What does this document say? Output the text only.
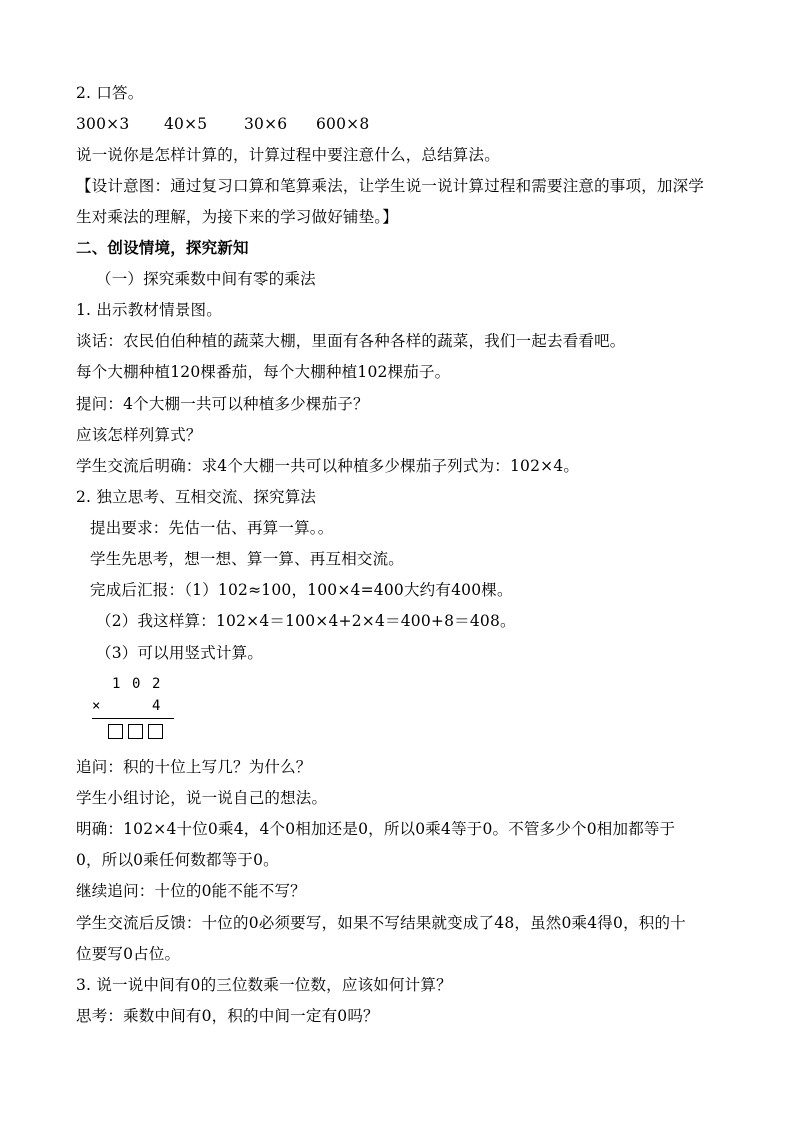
2. 口答。
300×3 40×5 30×6 600×8
说一说你是怎样计算的，计算过程中要注意什么，总结算法。
【设计意图：通过复习口算和笔算乘法，让学生说一说计算过程和需要注意的事项，加深学
生对乘法的理解，为接下来的学习做好铺垫。】
二、创设情境，探究新知
（一）探究乘数中间有零的乘法
1. 出示教材情景图。
谈话：农民伯伯种植的蔬菜大棚，里面有各种各样的蔬菜，我们一起去看看吧。
每个大棚种植120棵番茄，每个大棚种植102棵茄子。
提问：4个大棚一共可以种植多少棵茄子？
应该怎样列算式？
学生交流后明确：求4个大棚一共可以种植多少棵茄子列式为：102×4。
2. 独立思考、互相交流、探究算法
提出要求：先估一估、再算一算。。
学生先思考，想一想、算一算、再互相交流。
完成后汇报：（1）102≈100，100×4=400大约有400棵。
（2）我这样算：102×4＝100×4+2×4＝400+8＝408。
（3）可以用竖式计算。
1 0 2
×	4
追问：积的十位上写几？为什么？
学生小组讨论，说一说自己的想法。
明确：102×4十位0乘4，4个0相加还是0，所以0乘4等于0。不管多少个0相加都等于
0，所以0乘任何数都等于0。
继续追问：十位的0能不能不写？
学生交流后反馈：十位的0必须要写，如果不写结果就变成了48，虽然0乘4得0，积的十
位要写0占位。
3. 说一说中间有0的三位数乘一位数，应该如何计算？
思考：乘数中间有0，积的中间一定有0吗？
